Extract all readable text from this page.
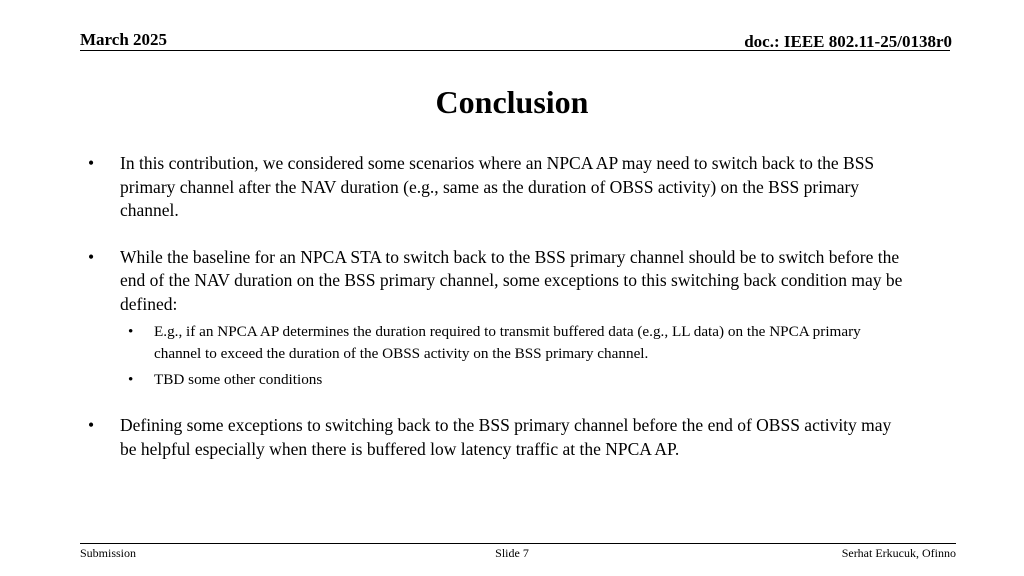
March 2025	doc.: IEEE 802.11-25/0138r0
Conclusion

• In this contribution, we considered some scenarios where an NPCA AP may need to switch back to the BSS primary channel after the NAV duration (e.g., same as the duration of OBSS activity) on the BSS primary channel.

• While the baseline for an NPCA STA to switch back to the BSS primary channel should be to switch before the end of the NAV duration on the BSS primary channel, some exceptions to this switching back condition may be defined:
• E.g., if an NPCA AP determines the duration required to transmit buffered data (e.g., LL data) on the NPCA primary channel to exceed the duration of the OBSS activity on the BSS primary channel.
• TBD some other conditions

• Defining some exceptions to switching back to the BSS primary channel before the end of OBSS activity may be helpful especially when there is buffered low latency traffic at the NPCA AP.

Submission	Slide 7	Serhat Erkucuk, Ofinno
